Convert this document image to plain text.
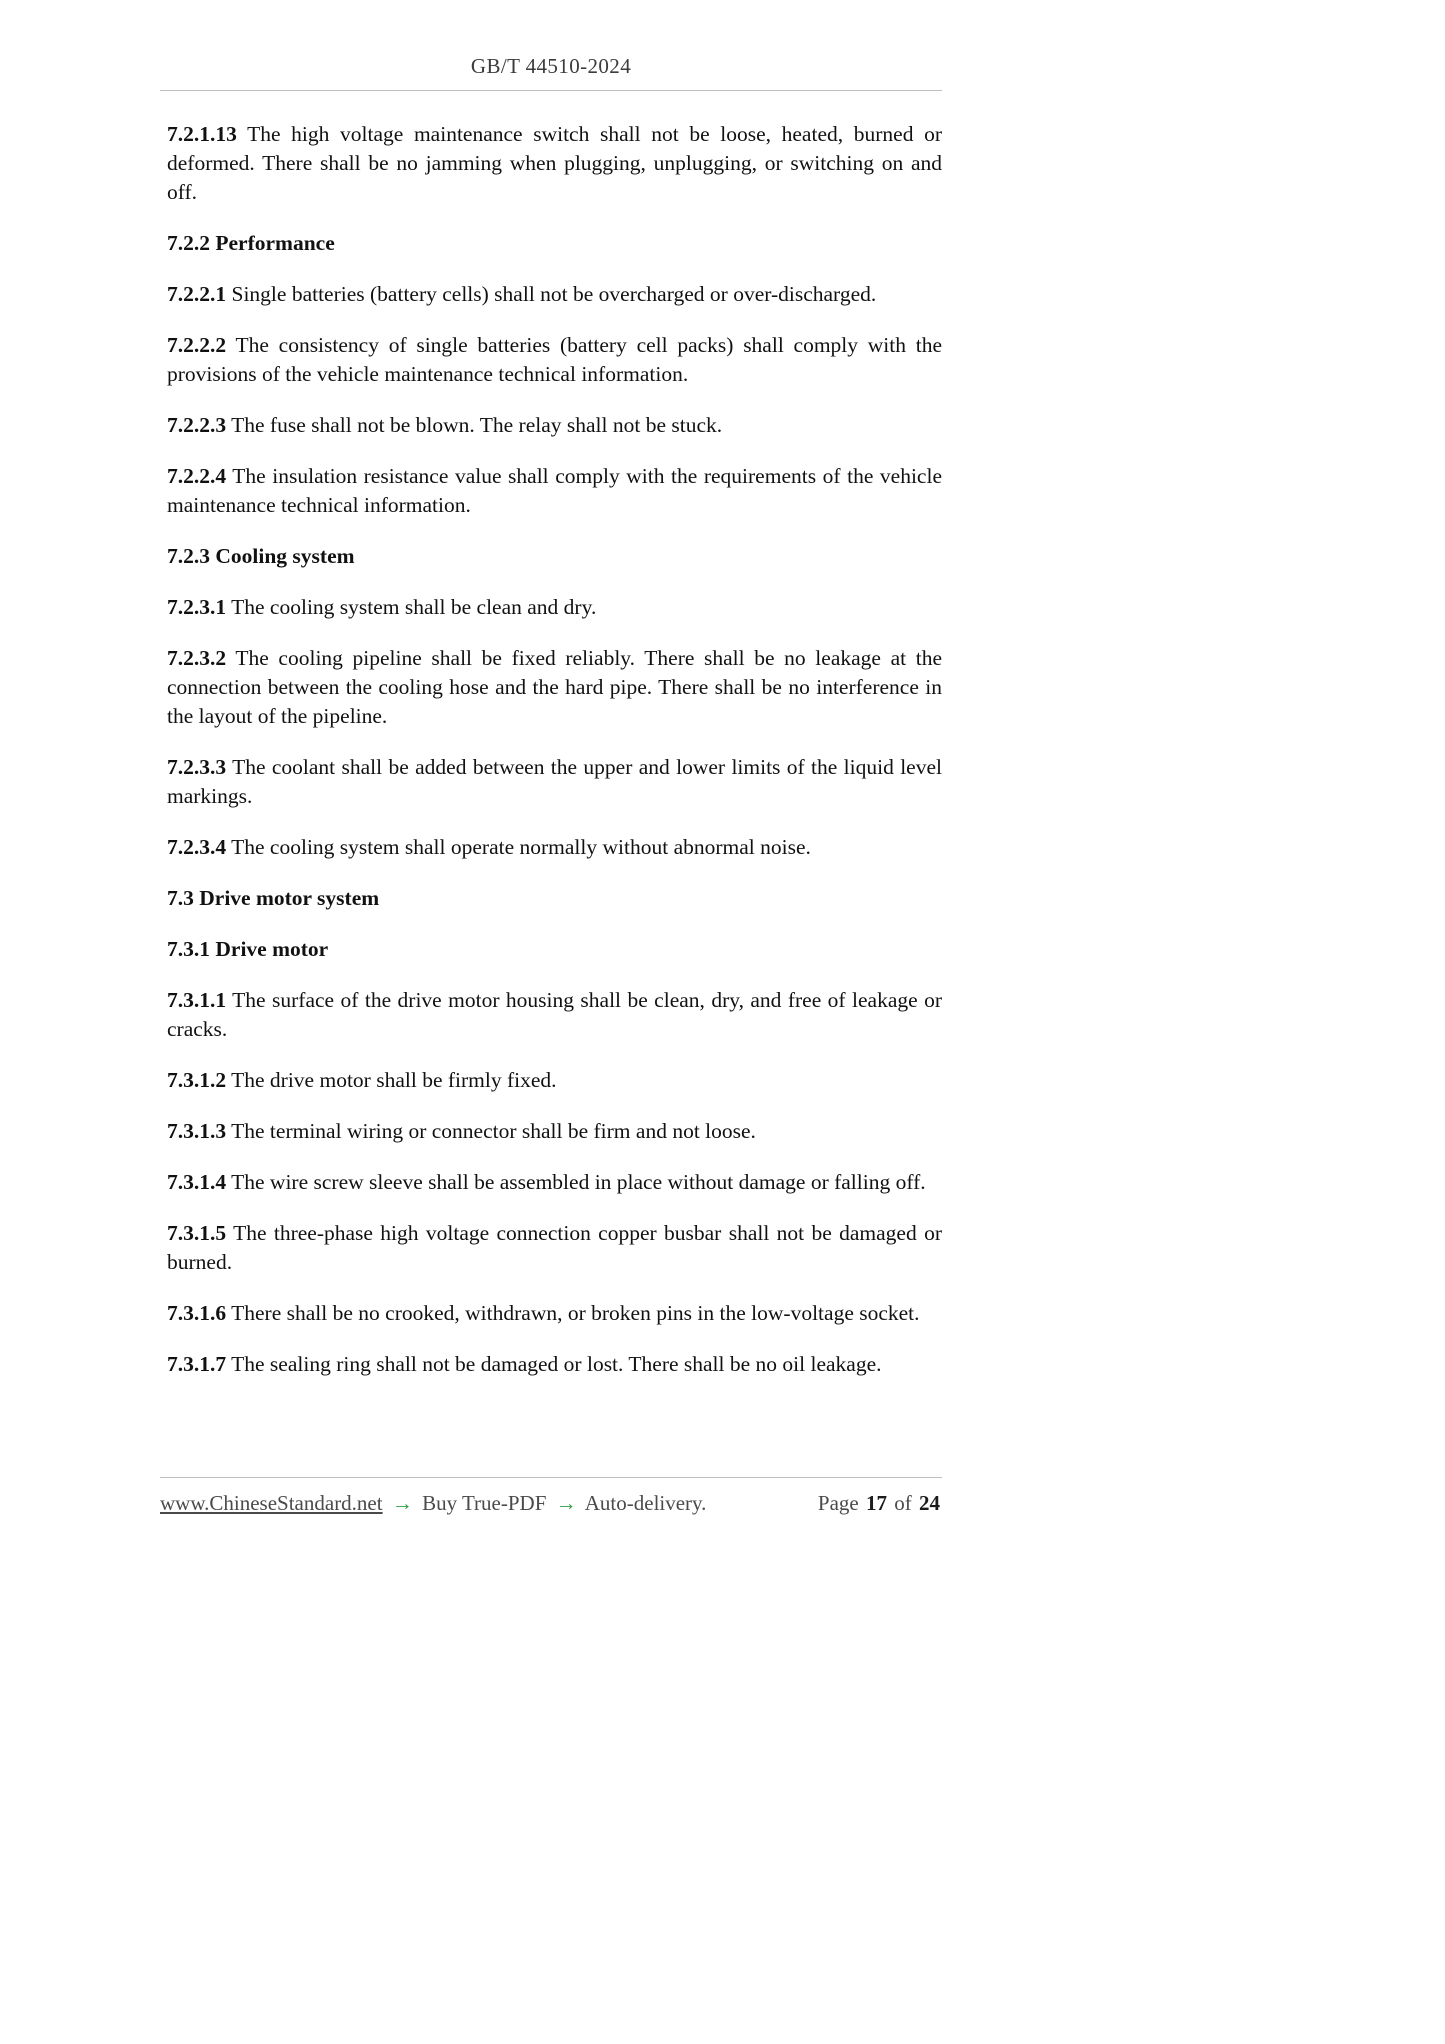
GB/T 44510-2024

7.2.1.13 The high voltage maintenance switch shall not be loose, heated, burned or deformed. There shall be no jamming when plugging, unplugging, or switching on and off.

7.2.2 Performance

7.2.2.1 Single batteries (battery cells) shall not be overcharged or over-discharged.

7.2.2.2 The consistency of single batteries (battery cell packs) shall comply with the provisions of the vehicle maintenance technical information.

7.2.2.3 The fuse shall not be blown. The relay shall not be stuck.

7.2.2.4 The insulation resistance value shall comply with the requirements of the vehicle maintenance technical information.

7.2.3 Cooling system

7.2.3.1 The cooling system shall be clean and dry.

7.2.3.2 The cooling pipeline shall be fixed reliably. There shall be no leakage at the connection between the cooling hose and the hard pipe. There shall be no interference in the layout of the pipeline.

7.2.3.3 The coolant shall be added between the upper and lower limits of the liquid level markings.

7.2.3.4 The cooling system shall operate normally without abnormal noise.

7.3 Drive motor system

7.3.1 Drive motor

7.3.1.1 The surface of the drive motor housing shall be clean, dry, and free of leakage or cracks.

7.3.1.2 The drive motor shall be firmly fixed.

7.3.1.3 The terminal wiring or connector shall be firm and not loose.

7.3.1.4 The wire screw sleeve shall be assembled in place without damage or falling off.

7.3.1.5 The three-phase high voltage connection copper busbar shall not be damaged or burned.

7.3.1.6 There shall be no crooked, withdrawn, or broken pins in the low-voltage socket.

7.3.1.7 The sealing ring shall not be damaged or lost. There shall be no oil leakage.

www.ChineseStandard.net → Buy True-PDF → Auto-delivery.	Page 17 of 24
